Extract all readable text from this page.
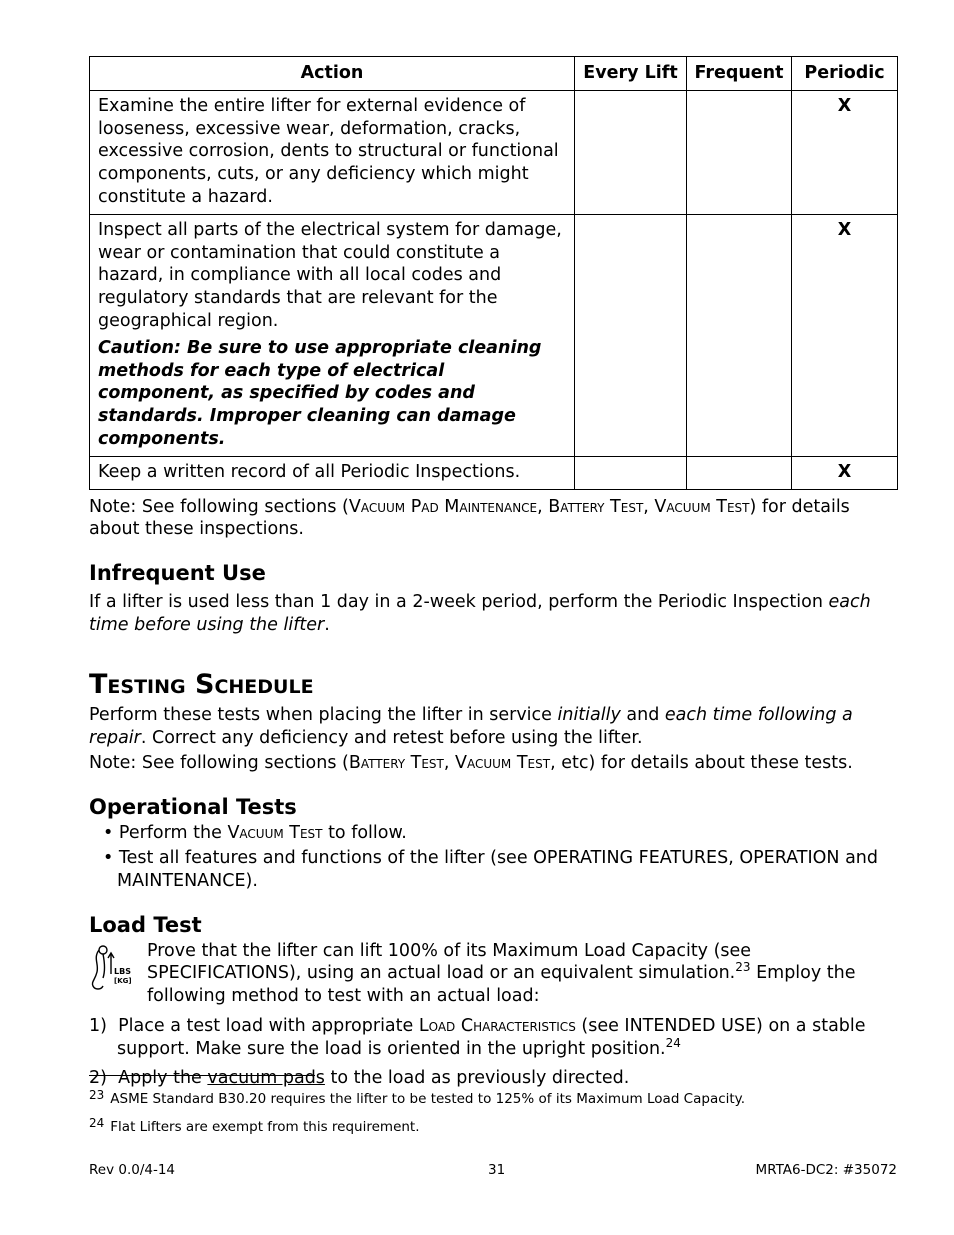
Action	Every Lift	Frequent	Periodic
Examine the entire lifter for external evidence of looseness, excessive wear, deformation, cracks, excessive corrosion, dents to structural or functional components, cuts, or any deficiency which might constitute a hazard.			X

Inspect all parts of the electrical system for damage, wear or contamination that could constitute a hazard, in compliance with all local codes and regulatory standards that are relevant for the geographical region.
Caution: Be sure to use appropriate cleaning methods for each type of electrical component, as specified by codes and standards. Improper cleaning can damage components.			X
Keep a written record of all Periodic Inspections.			X

Note: See following sections (Vacuum Pad Maintenance, Battery Test, Vacuum Test) for details about these inspections.

Infrequent Use

If a lifter is used less than 1 day in a 2-week period, perform the Periodic Inspection each time before using the lifter.

Testing Schedule

Perform these tests when placing the lifter in service initially and each time following a repair. Correct any deficiency and retest before using the lifter.

Note: See following sections (Battery Test, Vacuum Test, etc) for details about these tests.

Operational Tests

• Perform the Vacuum Test to follow.

• Test all features and functions of the lifter (see OPERATING FEATURES, OPERATION and MAINTENANCE).

Load Test
LBS
[KG]

Prove that the lifter can lift 100% of its Maximum Load Capacity (see SPECIFICATIONS), using an actual load or an equivalent simulation.$^{23}$ Employ the following method to test with an actual load:

1) Place a test load with appropriate Load Characteristics (see INTENDED USE) on a stable support. Make sure the load is oriented in the upright position.$^{24}$

2) Apply the vacuum pads to the load as previously directed.

$^{23}$ ASME Standard B30.20 requires the lifter to be tested to 125% of its Maximum Load Capacity.
$^{24}$ Flat Lifters are exempt from this requirement.
Rev 0.0/4-14	31	MRTA6-DC2: #35072
